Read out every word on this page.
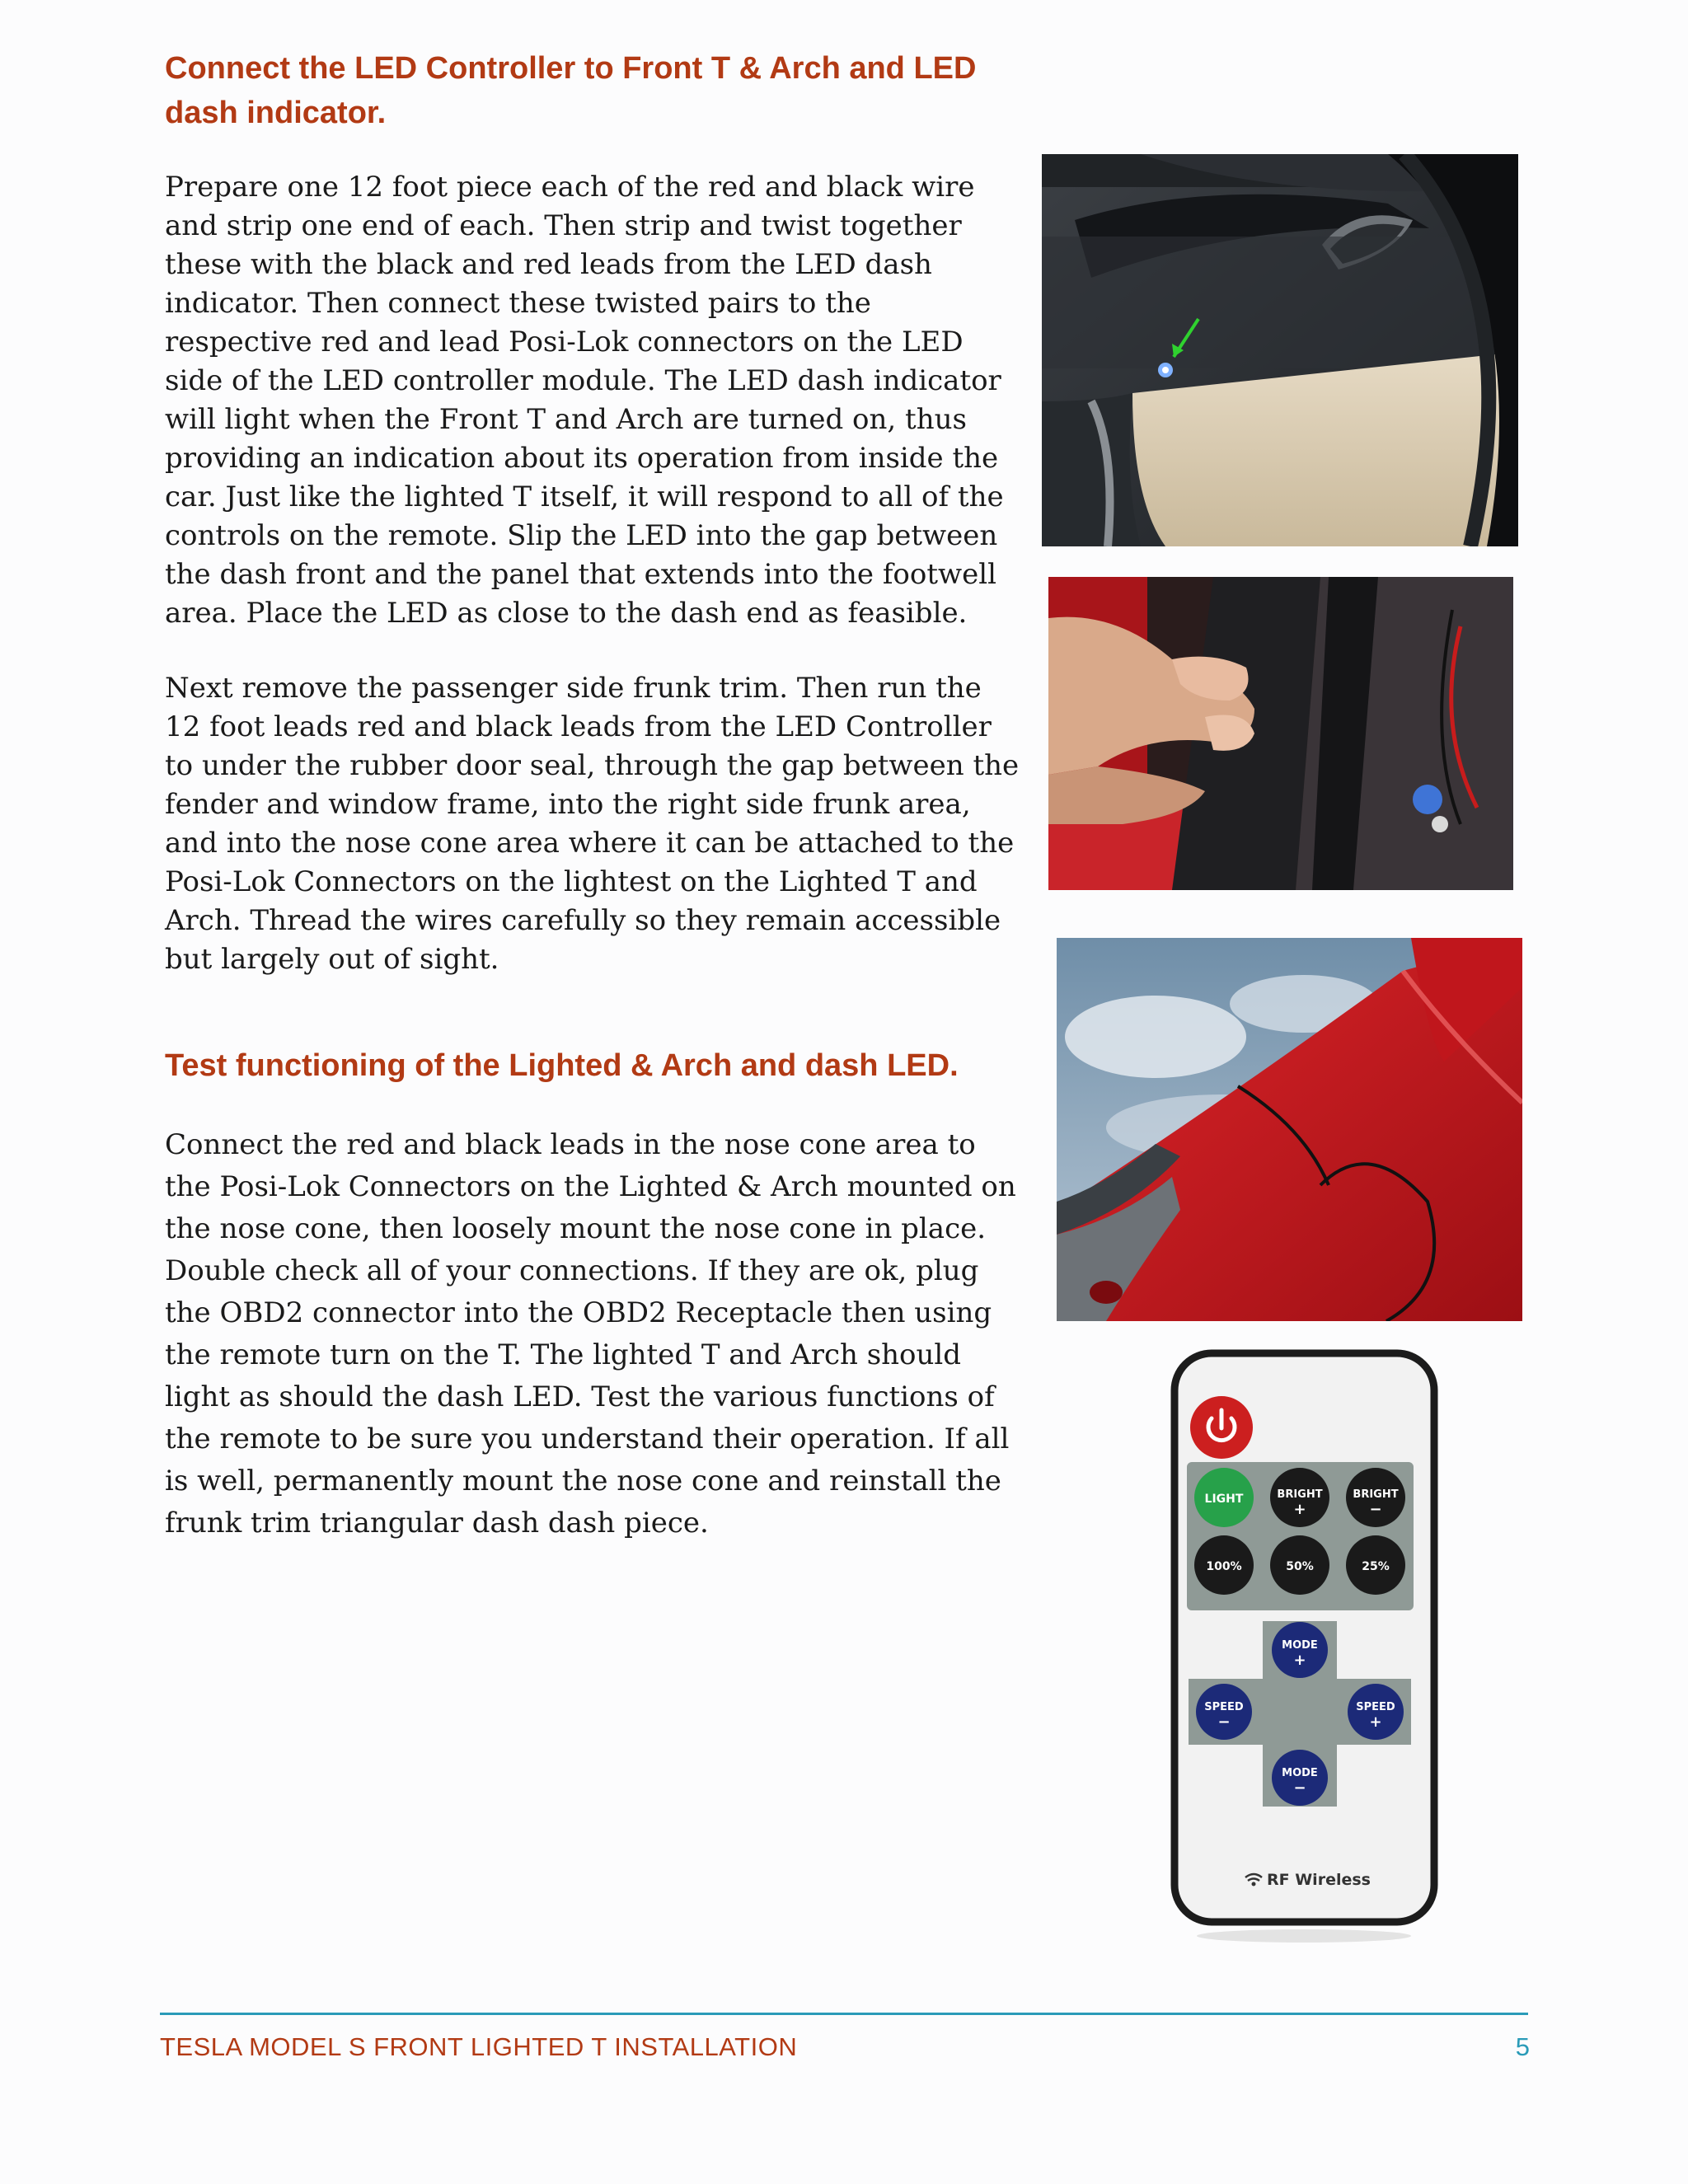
Connect the LED Controller to Front T & Arch and LED dash indicator.

Prepare one 12 foot piece each of the red and black wire and strip one end of each. Then strip and twist together these with the black and red leads from the LED dash indicator. Then connect these twisted pairs to the respective red and lead Posi-Lok connectors on the LED side of the LED controller module. The LED dash indicator will light when the Front T and Arch are turned on, thus providing an indication about its operation from inside the car. Just like the lighted T itself, it will respond to all of the controls on the remote. Slip the LED into the gap between the dash front and the panel that extends into the footwell area. Place the LED as close to the dash end as feasible.

Next remove the passenger side frunk trim. Then run the 12 foot leads red and black leads from the LED Controller to under the rubber door seal, through the gap between the fender and window frame, into the right side frunk area, and into the nose cone area where it can be attached to the Posi-Lok Connectors on the lightest on the Lighted T and Arch. Thread the wires carefully so they remain accessible but largely out of sight.

Test functioning of the Lighted & Arch and dash LED.

Connect the red and black leads in the nose cone area to the Posi-Lok Connectors on the Lighted & Arch mounted on the nose cone, then loosely mount the nose cone in place. Double check all of your connections. If they are ok, plug the OBD2 connector into the OBD2 Receptacle then using the remote turn on the T. The lighted T and Arch should light as should the dash LED. Test the various functions of the remote to be sure you understand their operation. If all is well, permanently mount the nose cone and reinstall the frunk trim triangular dash dash piece.

LIGHT	BRIGHT
+
BRIGHT
−
100%	50%	25%
MODE
+
SPEED
−
SPEED
+
MODE
−
RF Wireless
TESLA MODEL S FRONT LIGHTED T INSTALLATION	5
